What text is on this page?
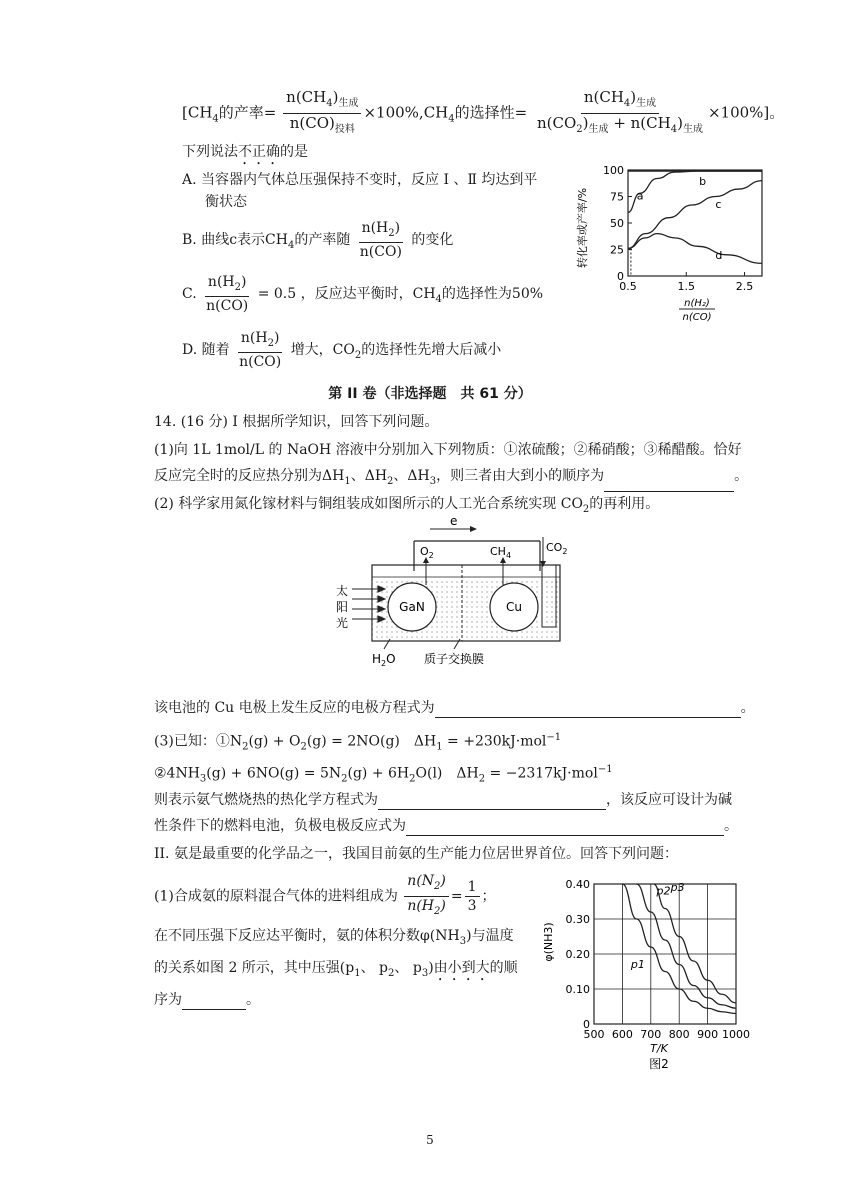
[$CH_4$的产率= $\frac{n(CH_4)_{生成}}{n(CO)_{投料}} \times 100\%,CH_4$的选择性= $\frac{n(CH_4)_{生成}}{n(CO_2)_{生成} + n(CH_4)_{生成}} \times 100\%$]。
下列说法不正确的是
A. 当容器内气体总压强保持不变时，反应 Ⅰ 、Ⅱ 均达到平
衡状态
B. 曲线c表示$CH_4$的产率随 $\frac{n(H_2)}{n(CO)}$ 的变化
C. $\frac{n(H_2)}{n(CO)} = 0.5$ ，反应达平衡时，$CH_4$的选择性为50%
D. 随着 $\frac{n(H_2)}{n(CO)}$ 增大，$CO_2$的选择性先增大后减小
转化率或产率/%
100
75
50
25
0
0.5	1.5	2.5
n(H₂)
n(CO)
a
b
c
d
第 II 卷（非选择题　共 61 分）
14. (16 分) I 根据所学知识，回答下列问题。
(1)向 1L 1mol/L 的 NaOH 溶液中分别加入下列物质：①浓硫酸；②稀硝酸；③稀醋酸。恰好
反应完全时的反应热分别为$\Delta H_1$、$\Delta H_2$、$\Delta H_3$，则三者由大到小的顺序为	。
(2) 科学家用氮化镓材料与铜组装成如图所示的人工光合系统实现 $CO_2$的再利用。
e
$O_2$	$CH_4$
$CO_2$
GaN	Cu
太
阳
光
$H_2O$ 质子交换膜
该电池的 Cu 电极上发生反应的电极方程式为	。
(3)已知：$①N_2(g) + O_2(g) = 2NO(g)$　$\Delta H_1 = +230kJ\cdot mol^{-1}$
$②4NH_3(g) + 6NO(g) = 5N_2(g) + 6H_2O(l)$　$\Delta H_2 = -2317kJ\cdot mol^{-1}$
则表示氨气燃烧热的热化学方程式为	，该反应可设计为碱
性条件下的燃料电池，负极电极反应式为	。
II. 氨是最重要的化学品之一，我国目前氨的生产能力位居世界首位。回答下列问题：
(1)合成氨的原料混合气体的进料组成为 $\frac{n(N_2)}{n(H_2)} = \frac{1}{3}$ ；
在不同压强下反应达平衡时，氨的体积分数$\varphi(NH_3)$与温度
的关系如图 2 所示，其中压强($p_1$、 $p_2$、 $p_3$)由小到大的顺
序为	。
φ(NH3)
0
0.10
0.20
0.30
0.40
500 600 700 800 900 1000
T/K
图2
p1
p2 p3
5
